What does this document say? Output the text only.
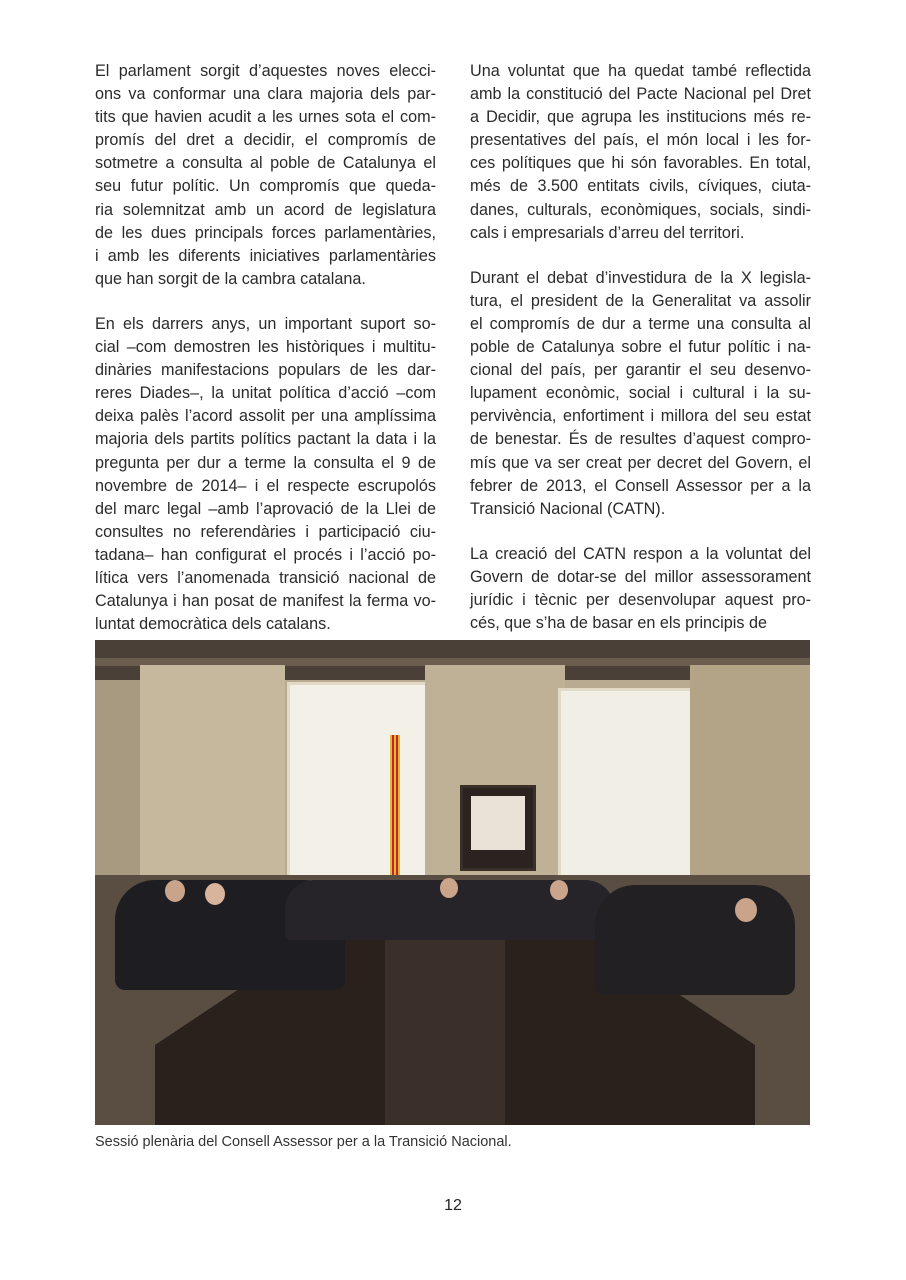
El parlament sorgit d’aquestes noves elecci-
ons va conformar una clara majoria dels par-
tits que havien acudit a les urnes sota el com-
promís del dret a decidir, el compromís de
sotmetre a consulta al poble de Catalunya el
seu futur polític. Un compromís que queda-
ria solemnitzat amb un acord de legislatura
de les dues principals forces parlamentàries,
i amb les diferents iniciatives parlamentàries
que han sorgit de la cambra catalana.
En els darrers anys, un important suport so-
cial –com demostren les històriques i multitu-
dinàries manifestacions populars de les dar-
reres Diades–, la unitat política d’acció –com
deixa palès l’acord assolit per una amplíssima
majoria dels partits polítics pactant la data i la
pregunta per dur a terme la consulta el 9 de
novembre de 2014– i el respecte escrupolós
del marc legal –amb l’aprovació de la Llei de
consultes no referendàries i participació ciu-
tadana– han configurat el procés i l’acció po-
lítica vers l’anomenada transició nacional de
Catalunya i han posat de manifest la ferma vo-
luntat democràtica dels catalans.
Una voluntat que ha quedat també reflectida
amb la constitució del Pacte Nacional pel Dret
a Decidir, que agrupa les institucions més re-
presentatives del país, el món local i les for-
ces polítiques que hi són favorables. En total,
més de 3.500 entitats civils, cíviques, ciuta-
danes, culturals, econòmiques, socials, sindi-
cals i empresarials d’arreu del territori.
Durant el debat d’investidura de la X legisla-
tura, el president de la Generalitat va assolir
el compromís de dur a terme una consulta al
poble de Catalunya sobre el futur polític i na-
cional del país, per garantir el seu desenvo-
lupament econòmic, social i cultural i la su-
pervivència, enfortiment i millora del seu estat
de benestar. És de resultes d’aquest compro-
mís que va ser creat per decret del Govern, el
febrer de 2013, el Consell Assessor per a la
Transició Nacional (CATN).
La creació del CATN respon a la voluntat del
Govern de dotar-se del millor assessorament
jurídic i tècnic per desenvolupar aquest pro-
cés, que s’ha de basar en els principis de
Sessió plenària del Consell Assessor per a la Transició Nacional.
12
